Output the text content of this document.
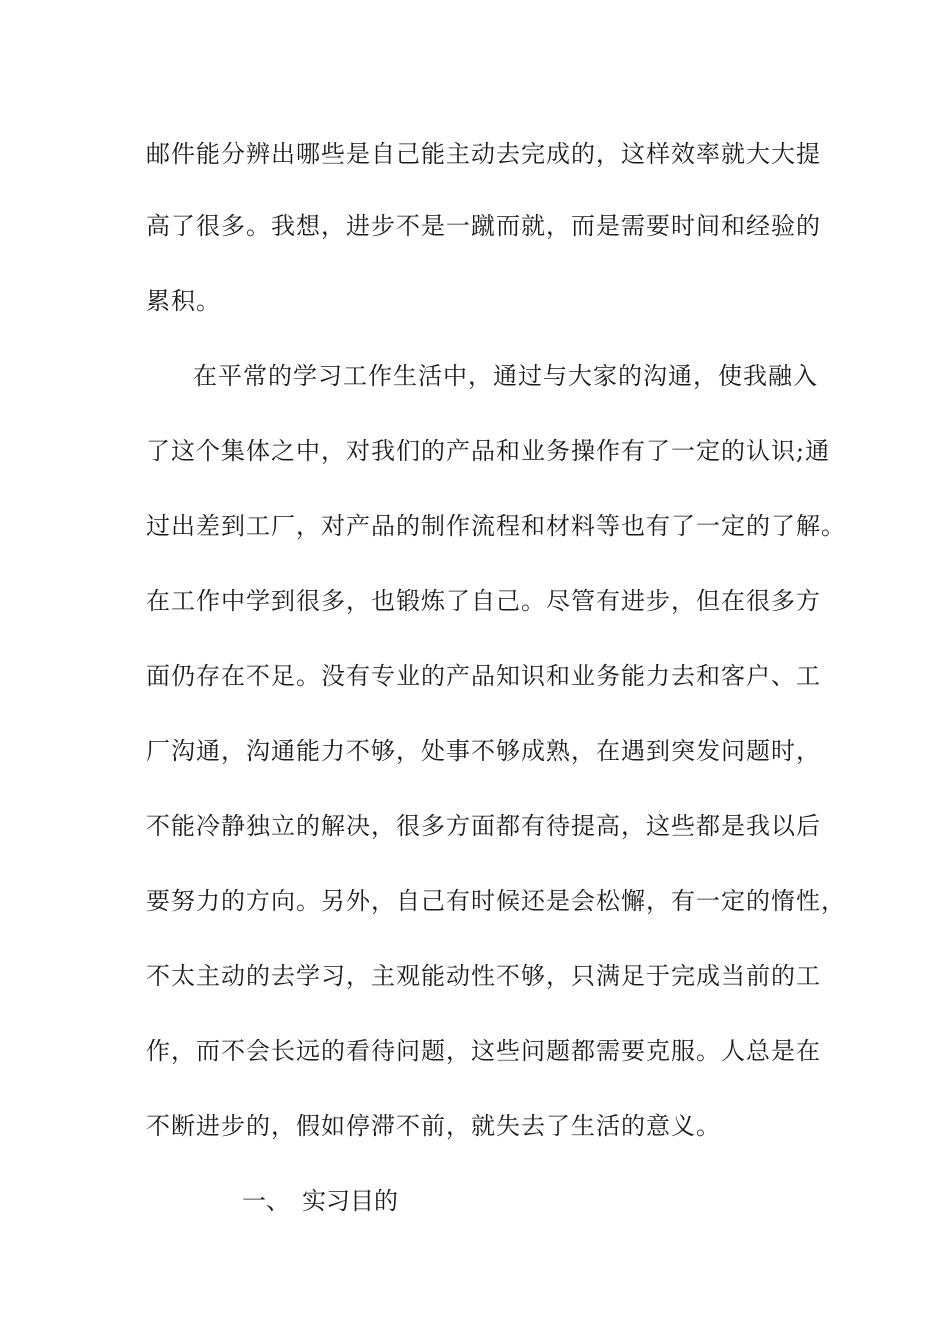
邮件能分辨出哪些是自己能主动去完成的，这样效率就大大提
高了很多。我想，进步不是一蹴而就，而是需要时间和经验的
累积。
在平常的学习工作生活中，通过与大家的沟通，使我融入
了这个集体之中，对我们的产品和业务操作有了一定的认识;通
过出差到工厂，对产品的制作流程和材料等也有了一定的了解。
在工作中学到很多，也锻炼了自己。尽管有进步，但在很多方
面仍存在不足。没有专业的产品知识和业务能力去和客户、工
厂沟通，沟通能力不够，处事不够成熟，在遇到突发问题时，
不能冷静独立的解决，很多方面都有待提高，这些都是我以后
要努力的方向。另外，自己有时候还是会松懈，有一定的惰性，
不太主动的去学习，主观能动性不够，只满足于完成当前的工
作，而不会长远的看待问题，这些问题都需要克服。人总是在
不断进步的，假如停滞不前，就失去了生活的意义。
一、 实习目的
